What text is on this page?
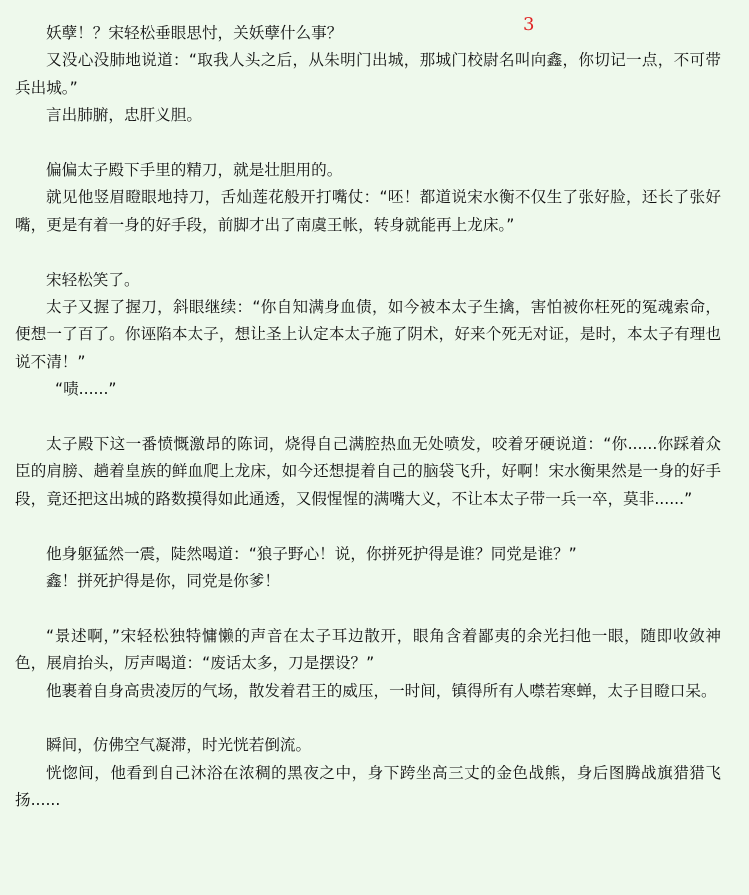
3

妖孽！？宋轻松垂眼思忖，关妖孽什么事？

又没心没肺地说道：“取我人头之后，从朱明门出城，那城门校尉名叫向鑫，你切记一点，不可带兵出城。”

言出肺腑，忠肝义胆。

偏偏太子殿下手里的精刀，就是壮胆用的。

就见他竖眉瞪眼地持刀，舌灿莲花般开打嘴仗：“呸！都道说宋水衡不仅生了张好脸，还长了张好嘴，更是有着一身的好手段，前脚才出了南虞王帐，转身就能再上龙床。”

宋轻松笑了。

太子又握了握刀，斜眼继续：“你自知满身血债，如今被本太子生擒，害怕被你枉死的冤魂索命，便想一了百了。你诬陷本太子，想让圣上认定本太子施了阴术，好来个死无对证，是时，本太子有理也说不清！”

“啧......”

太子殿下这一番愤慨激昂的陈词，烧得自己满腔热血无处喷发，咬着牙硬说道：“你......你踩着众臣的肩膀、趟着皇族的鲜血爬上龙床，如今还想提着自己的脑袋飞升，好啊！宋水衡果然是一身的好手段，竟还把这出城的路数摸得如此通透，又假惺惺的满嘴大义，不让本太子带一兵一卒，莫非......”

他身躯猛然一震，陡然喝道：“狼子野心！说，你拼死护得是谁？同党是谁？”

鑫！拼死护得是你，同党是你爹！

“景述啊，”宋轻松独特慵懒的声音在太子耳边散开，眼角含着鄙夷的余光扫他一眼，随即收敛神色，展肩抬头，厉声喝道：“废话太多，刀是摆设？”

他裹着自身高贵凌厉的气场，散发着君王的威压，一时间，镇得所有人噤若寒蝉，太子目瞪口呆。

瞬间，仿佛空气凝滞，时光恍若倒流。

恍惚间，他看到自己沐浴在浓稠的黑夜之中，身下跨坐高三丈的金色战熊，身后图腾战旗猎猎飞扬......
